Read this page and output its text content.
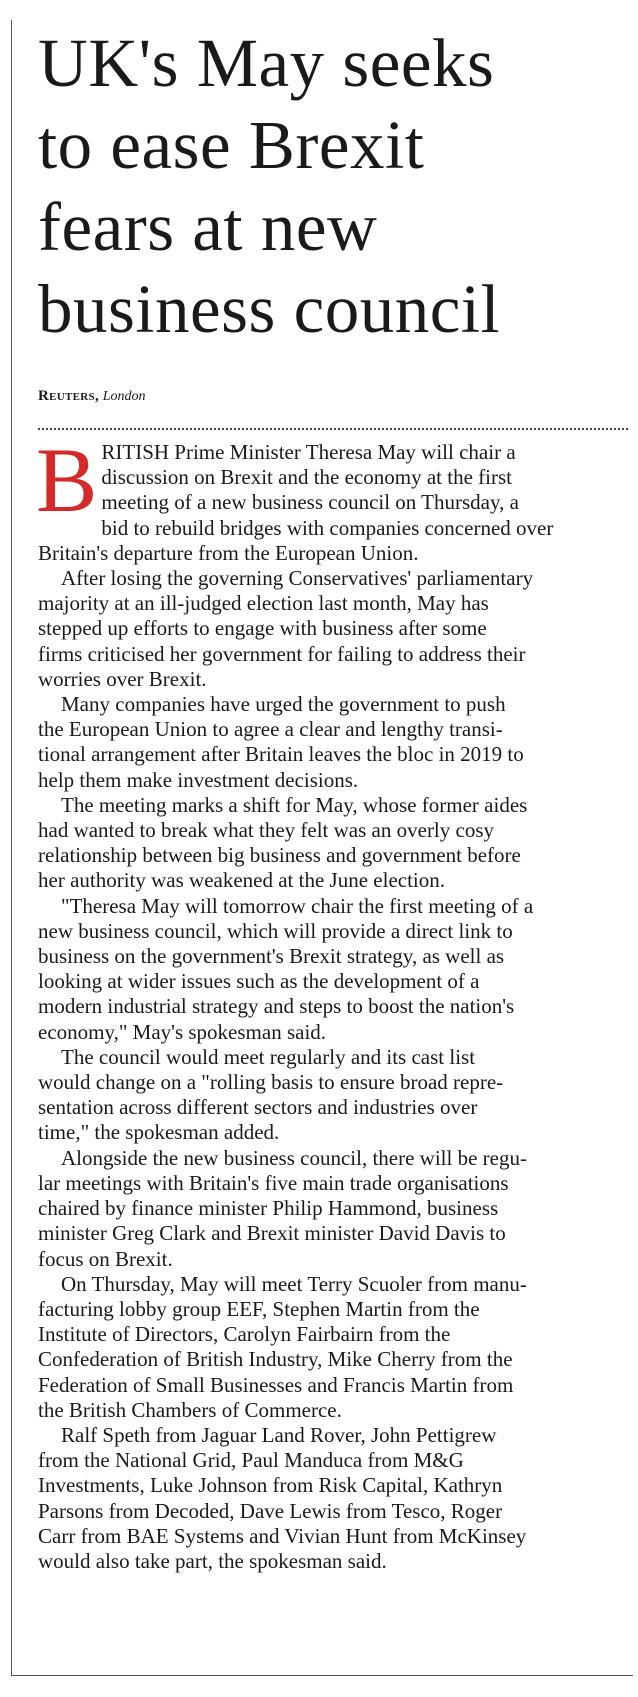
UK's May seeks
to ease Brexit
fears at new
business council
Reuters, London

B RITISH Prime Minister Theresa May will chair a
discussion on Brexit and the economy at the first
meeting of a new business council on Thursday, a
bid to rebuild bridges with companies concerned over
Britain's departure from the European Union.

After losing the governing Conservatives' parliamentary
majority at an ill-judged election last month, May has
stepped up efforts to engage with business after some
firms criticised her government for failing to address their
worries over Brexit.

Many companies have urged the government to push
the European Union to agree a clear and lengthy transi-
tional arrangement after Britain leaves the bloc in 2019 to
help them make investment decisions.

The meeting marks a shift for May, whose former aides
had wanted to break what they felt was an overly cosy
relationship between big business and government before
her authority was weakened at the June election.

"Theresa May will tomorrow chair the first meeting of a
new business council, which will provide a direct link to
business on the government's Brexit strategy, as well as
looking at wider issues such as the development of a
modern industrial strategy and steps to boost the nation's
economy," May's spokesman said.

The council would meet regularly and its cast list
would change on a "rolling basis to ensure broad repre-
sentation across different sectors and industries over
time," the spokesman added.

Alongside the new business council, there will be regu-
lar meetings with Britain's five main trade organisations
chaired by finance minister Philip Hammond, business
minister Greg Clark and Brexit minister David Davis to
focus on Brexit.

On Thursday, May will meet Terry Scuoler from manu-
facturing lobby group EEF, Stephen Martin from the
Institute of Directors, Carolyn Fairbairn from the
Confederation of British Industry, Mike Cherry from the
Federation of Small Businesses and Francis Martin from
the British Chambers of Commerce.

Ralf Speth from Jaguar Land Rover, John Pettigrew
from the National Grid, Paul Manduca from M&G
Investments, Luke Johnson from Risk Capital, Kathryn
Parsons from Decoded, Dave Lewis from Tesco, Roger
Carr from BAE Systems and Vivian Hunt from McKinsey
would also take part, the spokesman said.
